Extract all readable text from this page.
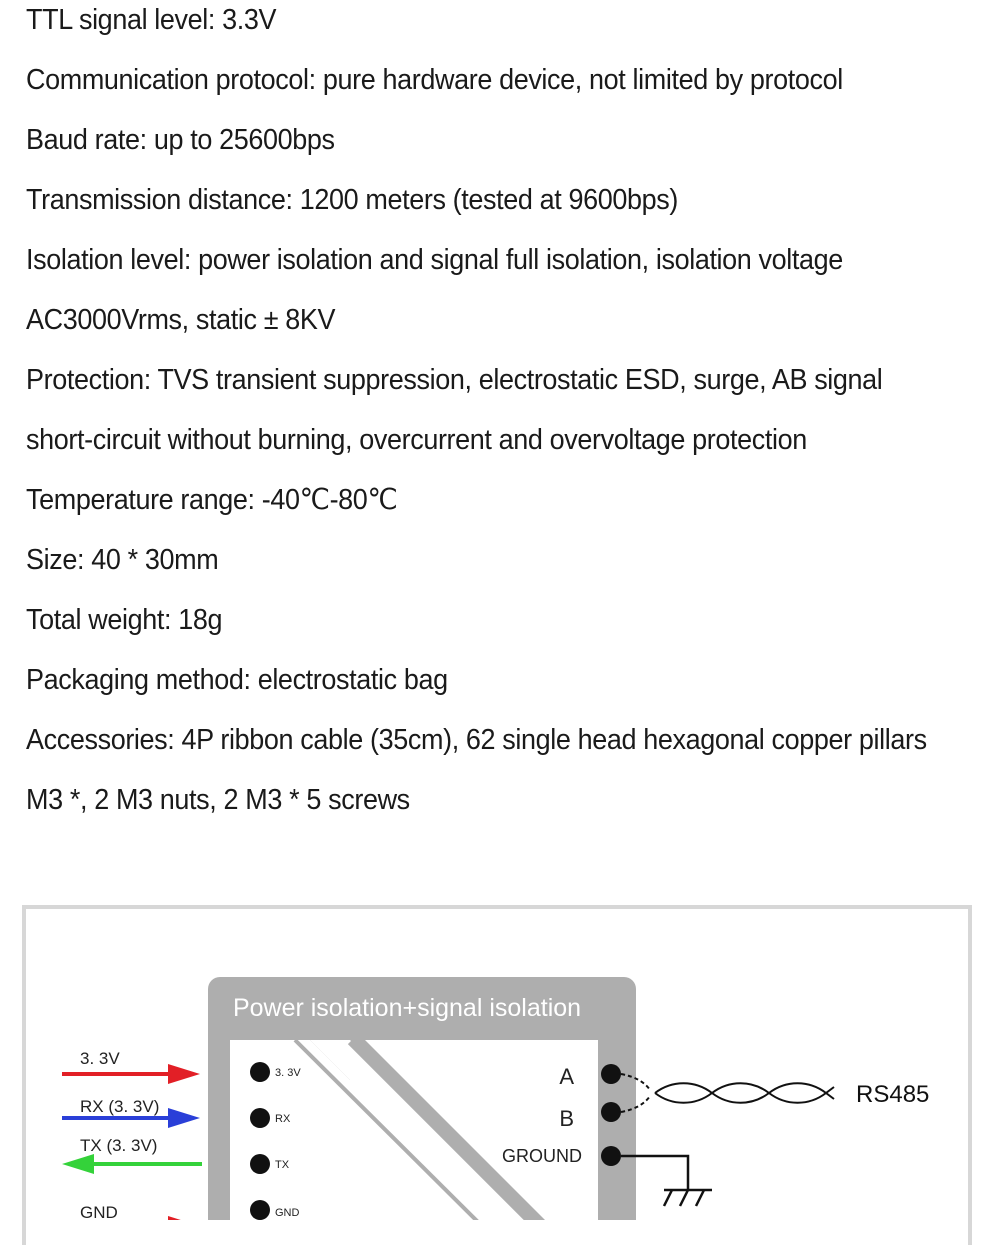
TTL signal level: 3.3V
Communication protocol: pure hardware device, not limited by protocol
Baud rate: up to 25600bps
Transmission distance: 1200 meters (tested at 9600bps)
Isolation level: power isolation and signal full isolation, isolation voltage
AC3000Vrms, static ± 8KV
Protection: TVS transient suppression, electrostatic ESD, surge, AB signal
short-circuit without burning, overcurrent and overvoltage protection
Temperature range: -40℃-80℃
Size: 40 * 30mm
Total weight: 18g
Packaging method: electrostatic bag
Accessories: 4P ribbon cable (35cm), 62 single head hexagonal copper pillars
M3 *, 2 M3 nuts, 2 M3 * 5 screws
Power isolation+signal isolation
3. 3V
RX
TX
GND
A
B
GROUND
3. 3V
RX (3. 3V)
TX (3. 3V)
GND
RS485
